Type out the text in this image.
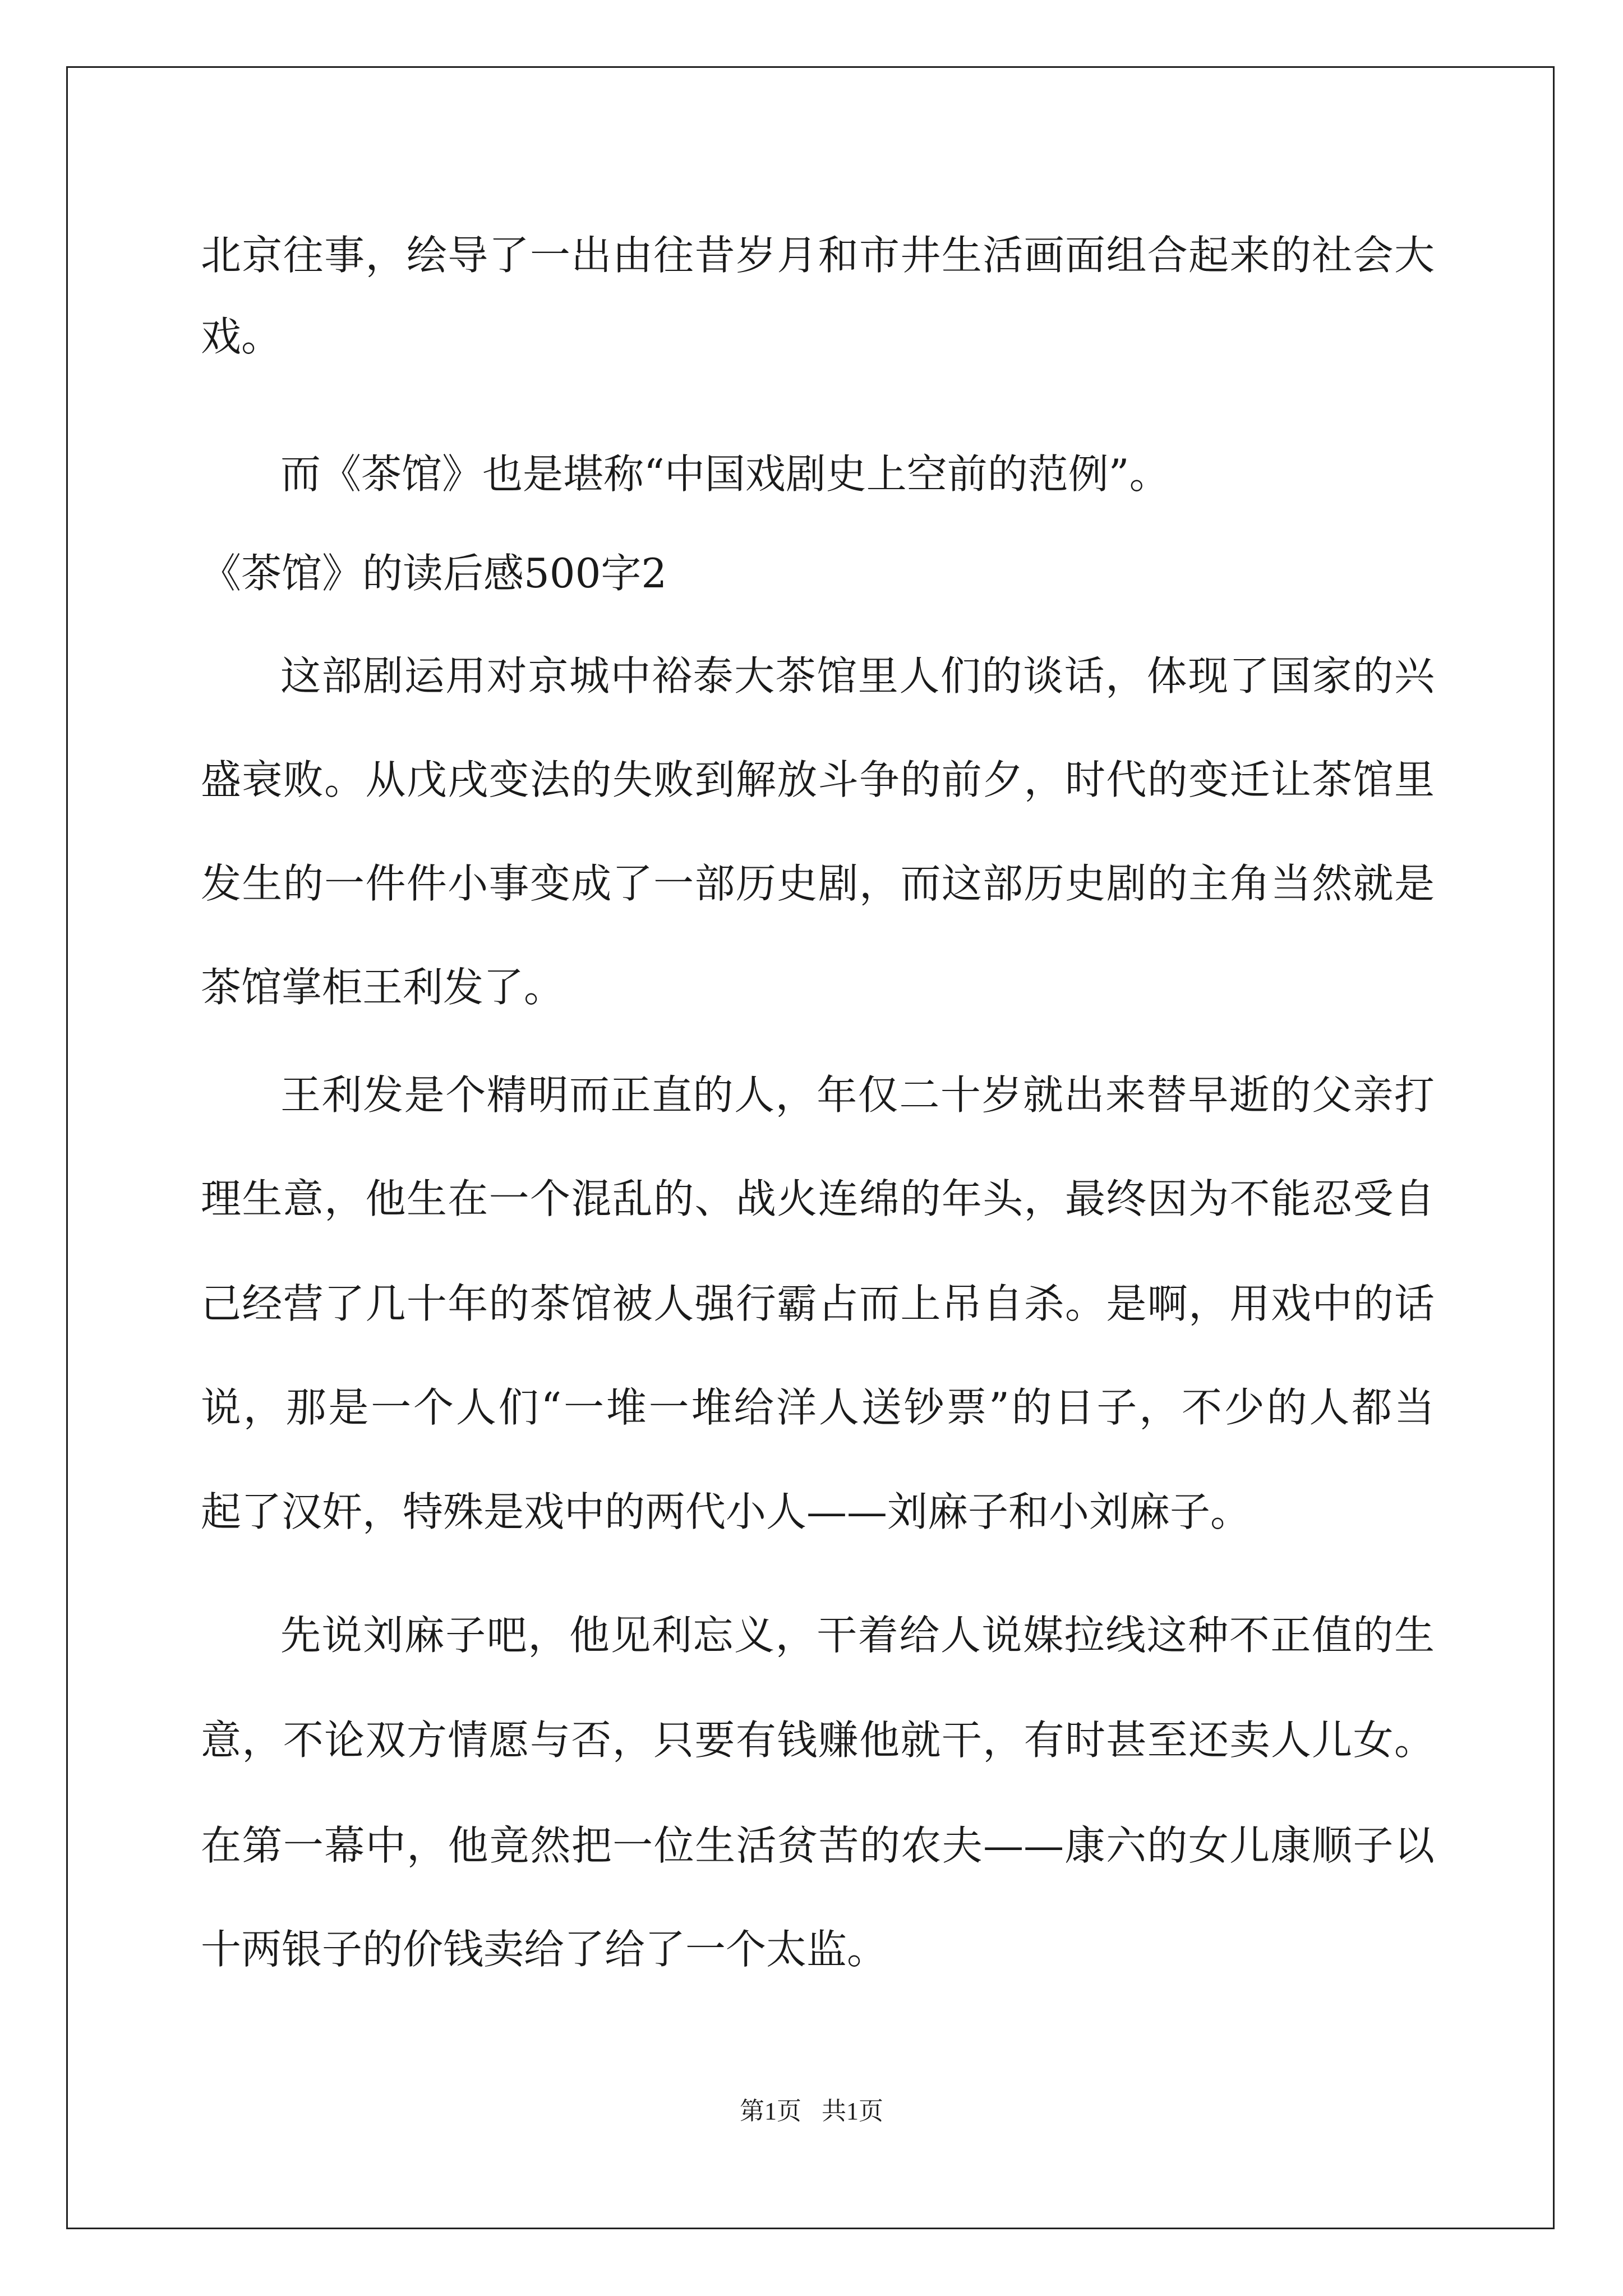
北京往事，绘导了一出由往昔岁月和市井生活画面组合起来的社会大
戏。
而《茶馆》也是堪称“中国戏剧史上空前的范例”。
《茶馆》的读后感500字2
这部剧运用对京城中裕泰大茶馆里人们的谈话，体现了国家的兴
盛衰败。从戊戌变法的失败到解放斗争的前夕，时代的变迁让茶馆里
发生的一件件小事变成了一部历史剧，而这部历史剧的主角当然就是
茶馆掌柜王利发了。
王利发是个精明而正直的人，年仅二十岁就出来替早逝的父亲打
理生意，他生在一个混乱的、战火连绵的年头，最终因为不能忍受自
己经营了几十年的茶馆被人强行霸占而上吊自杀。是啊，用戏中的话
说，那是一个人们“一堆一堆给洋人送钞票”的日子，不少的人都当
起了汉奸，特殊是戏中的两代小人——刘麻子和小刘麻子。
先说刘麻子吧，他见利忘义，干着给人说媒拉线这种不正值的生
意，不论双方情愿与否，只要有钱赚他就干，有时甚至还卖人儿女。
在第一幕中，他竟然把一位生活贫苦的农夫——康六的女儿康顺子以
十两银子的价钱卖给了给了一个太监。
第1页 共1页
